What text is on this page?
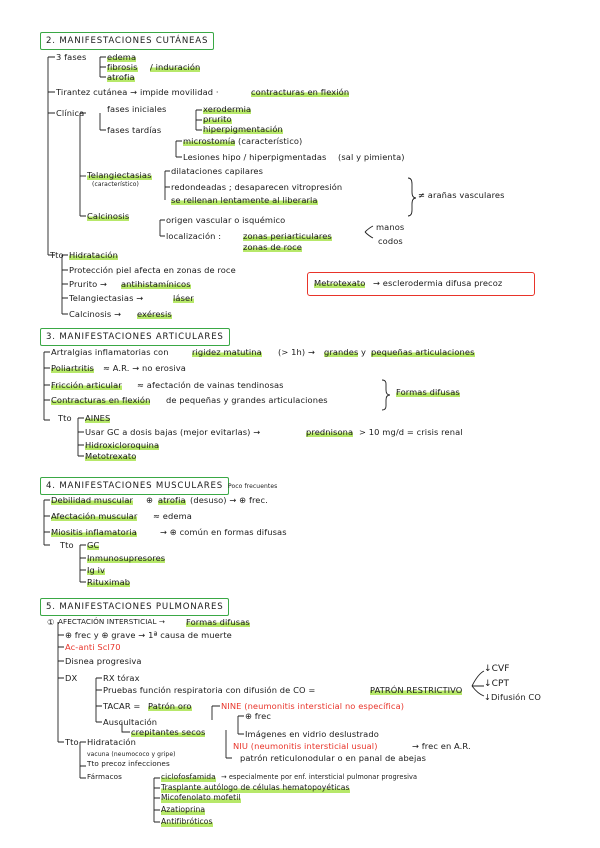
2. MANIFESTACIONES CUTÁNEAS
3 fases edema
fibrosis / induración
atrofia
Tirantez cutánea → impide movilidad ·	contracturas en flexión
Clínica	fases iniciales	xerodermia
prurito
hiperpigmentación
fases tardías
microstomía (característico)
Lesiones hipo / hiperpigmentadas (sal y pimienta)
Telangiectasias
(característico)
dilataciones capilares
redondeadas ; desaparecen vitropresión
se rellenan lentamente al liberarla	≠ arañas vasculares
Calcinosis	origen vascular o isquémico
localización :	zonas periarticulares
zonas de roce
manos
codos
Tto Hidratación
Protección piel afecta en zonas de roce
Prurito → antihistamínicos
Telangiectasias →	láser
Calcinosis → exéresis
Metrotexato → esclerodermia difusa precoz
3. MANIFESTACIONES ARTICULARES
Artralgias inflamatorias con	rigidez matutina (> 1h) → grandes y pequeñas articulaciones
Poliartritis ≈ A.R. → no erosiva
Fricción articular ≈ afectación de vainas tendinosas
Contracturas en flexión de pequeñas y grandes articulaciones
Formas difusas
Tto AINES
Usar GC a dosis bajas (mejor evitarlas) →	prednisona > 10 mg/d = crisis renal
Hidroxicloroquina
Metotrexato
4. MANIFESTACIONES MUSCULARES Poco frecuentes
Debilidad muscular ⊕ atrofia (desuso) → ⊕ frec.
Afectación muscular ≈ edema
Miositis inflamatoria	→ ⊕ común en formas difusas
Tto GC
Inmunosupresores
Ig iv
Rituximab
5. MANIFESTACIONES PULMONARES
① AFECTACIÓN INTERSTICIAL →	Formas difusas
⊕ frec y ⊕ grave → 1ª causa de muerte
Ac-anti Scl70
Disnea progresiva
DX	RX tórax
Pruebas función respiratoria con difusión de CO =	PATRÓN RESTRICTIVO
TACAR = Patrón oro	NINE (neumonitis intersticial no específica)
⊕ frec
Imágenes en vidrio deslustrado
Auscultación
crepitantes secos
NIU (neumonitis intersticial usual)	→ frec en A.R.
patrón reticulonodular o en panal de abejas
↓CVF
↓CPT
↓Difusión CO
Tto Hidratación
vacuna (neumococo y gripe)
Tto precoz infecciones
Fármacos	ciclofosfamida → especialmente por enf. intersticial pulmonar progresiva
Trasplante autólogo de células hematopoyéticas
Micofenolato mofetil
Azatioprina
Antifibróticos
